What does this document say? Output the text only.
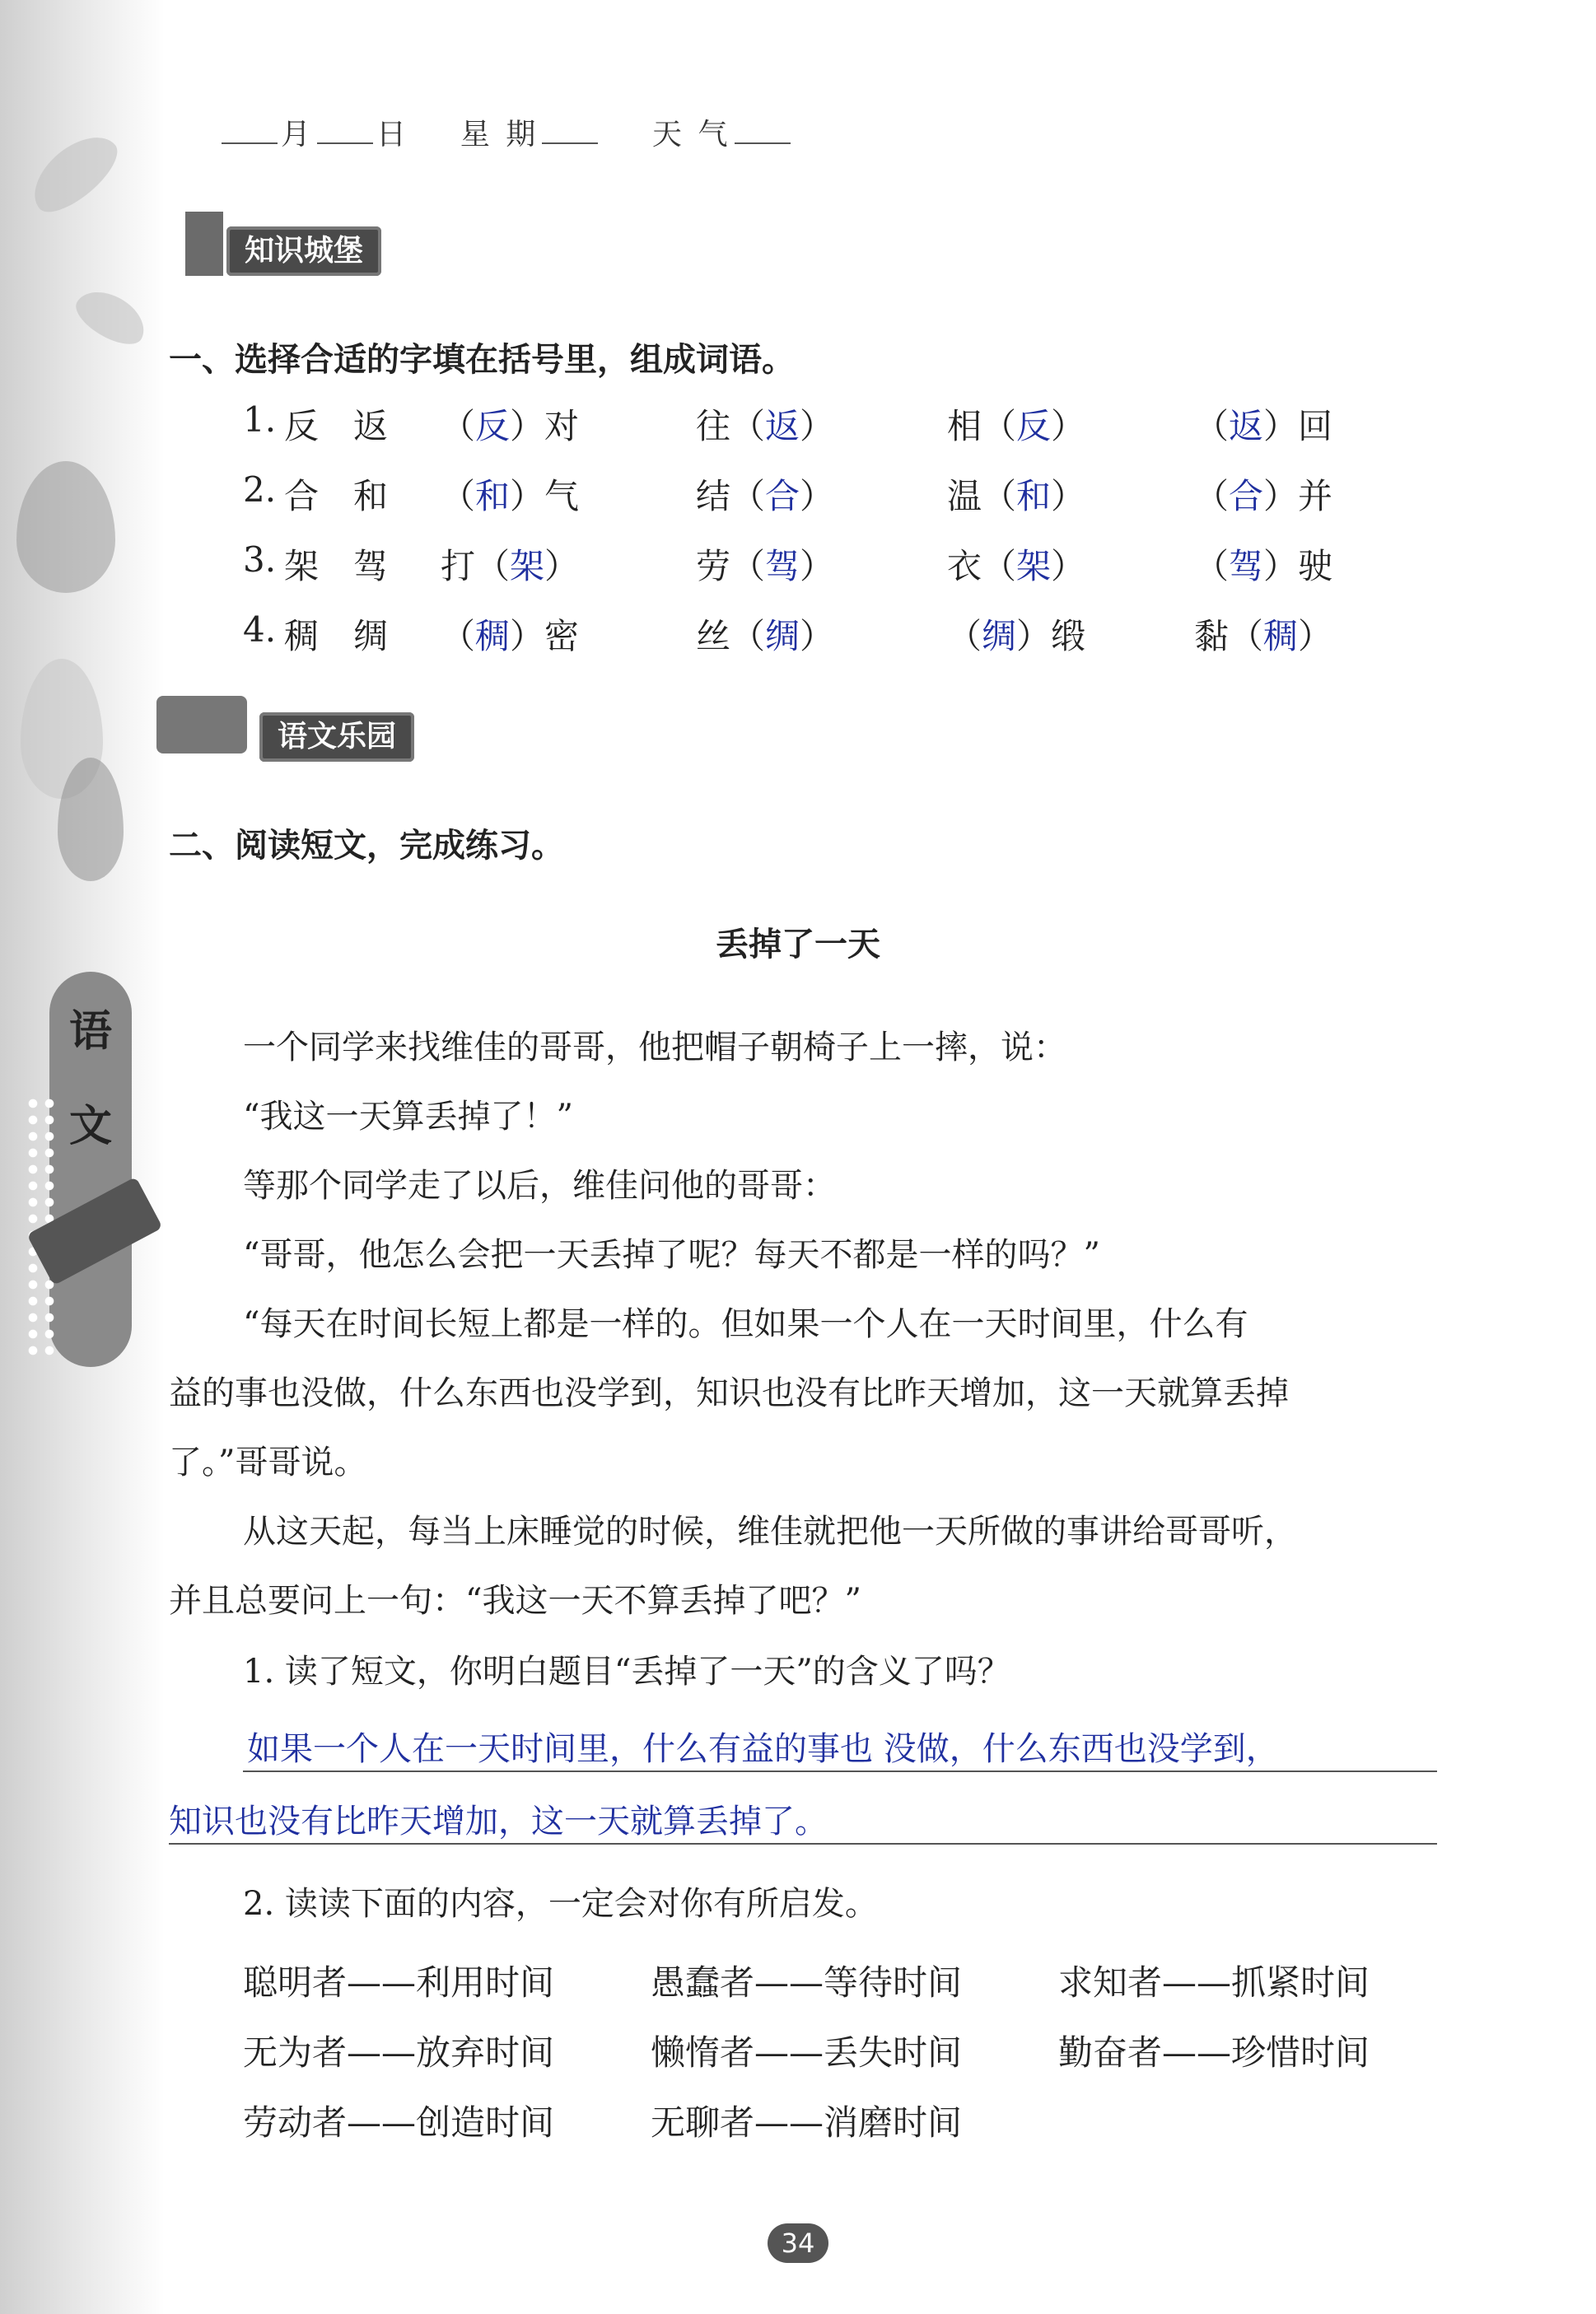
语
文
月 日 星 期	天 气
知识城堡
一、选择合适的字填在括号里，组成词语。
1. 反　返 （反）对	往（返）	相（反）	（返）回
2. 合　和 （和）气	结（合）	温（和）	（合）并
3. 架　驾 打（架）	劳（驾）	衣（架）	（驾）驶
4. 稠　绸 （稠）密	丝（绸）	（绸）缎	黏（稠）
语文乐园
二、阅读短文，完成练习。
丢掉了一天
一个同学来找维佳的哥哥，他把帽子朝椅子上一摔，说：
“我这一天算丢掉了！”
等那个同学走了以后，维佳问他的哥哥：
“哥哥，他怎么会把一天丢掉了呢？每天不都是一样的吗？”
“每天在时间长短上都是一样的。但如果一个人在一天时间里，什么有
益的事也没做，什么东西也没学到，知识也没有比昨天增加，这一天就算丢掉
了。”哥哥说。
从这天起，每当上床睡觉的时候，维佳就把他一天所做的事讲给哥哥听，
并且总要问上一句：“我这一天不算丢掉了吧？”
1. 读了短文，你明白题目“丢掉了一天”的含义了吗？
如果一个人在一天时间里，什么有益的事也 没做，什么东西也没学到，
知识也没有比昨天增加，这一天就算丢掉了。
2. 读读下面的内容，一定会对你有所启发。
聪明者——利用时间	愚蠢者——等待时间	求知者——抓紧时间
无为者——放弃时间	懒惰者——丢失时间	勤奋者——珍惜时间
劳动者——创造时间	无聊者——消磨时间
34
